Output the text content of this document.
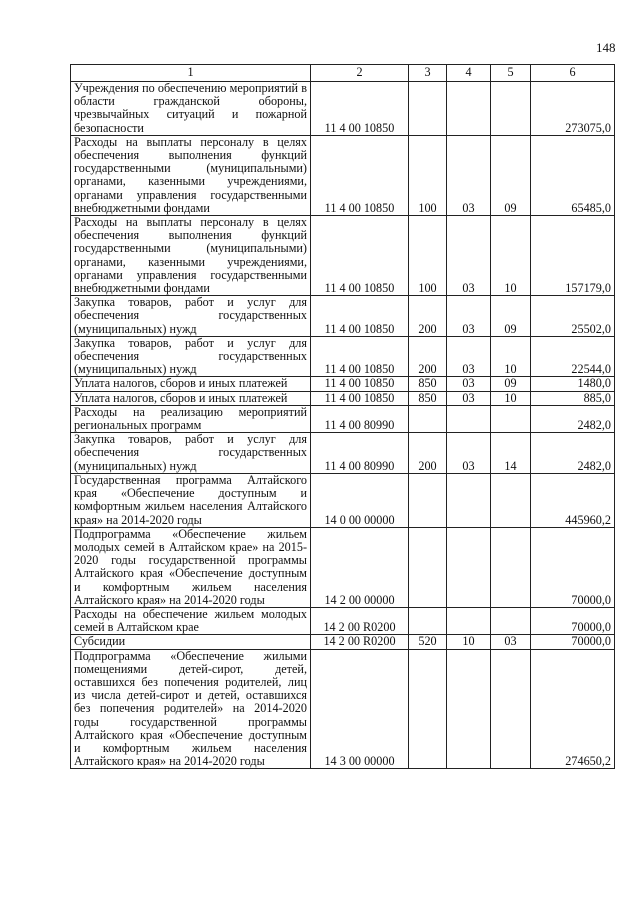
148
1	2	3	4	5	6
Учреждения по обеспечению мероприятий в области гражданской обороны, чрезвычайных ситуаций и пожарной безопасности	11 4 00 10850				273075,0
Расходы на выплаты персоналу в целях обеспечения выполнения функций государственными (муниципальными) органами, казенными учреждениями, органами управления государственными внебюджетными фондами	11 4 00 10850	100	03	09	65485,0
Расходы на выплаты персоналу в целях обеспечения выполнения функций государственными (муниципальными) органами, казенными учреждениями, органами управления государственными внебюджетными фондами	11 4 00 10850	100	03	10	157179,0
Закупка товаров, работ и услуг для обеспечения государственных (муниципальных) нужд	11 4 00 10850	200	03	09	25502,0
Закупка товаров, работ и услуг для обеспечения государственных (муниципальных) нужд	11 4 00 10850	200	03	10	22544,0
Уплата налогов, сборов и иных платежей	11 4 00 10850	850	03	09	1480,0
Уплата налогов, сборов и иных платежей	11 4 00 10850	850	03	10	885,0
Расходы на реализацию мероприятий региональных программ	11 4 00 80990				2482,0
Закупка товаров, работ и услуг для обеспечения государственных (муниципальных) нужд	11 4 00 80990	200	03	14	2482,0
Государственная программа Алтайского края «Обеспечение доступным и комфортным жильем населения Алтайского края» на 2014-2020 годы	14 0 00 00000				445960,2
Подпрограмма «Обеспечение жильем молодых семей в Алтайском крае» на 2015-2020 годы государственной программы Алтайского края «Обеспечение доступным и комфортным жильем населения Алтайского края» на 2014-2020 годы	14 2 00 00000				70000,0
Расходы на обеспечение жильем молодых семей в Алтайском крае	14 2 00 R0200				70000,0
Субсидии	14 2 00 R0200	520	10	03	70000,0
Подпрограмма «Обеспечение жилыми помещениями детей-сирот, детей, оставшихся без попечения родителей, лиц из числа детей-сирот и детей, оставшихся без попечения родителей» на 2014-2020 годы государственной программы Алтайского края «Обеспечение доступным и комфортным жильем населения Алтайского края» на 2014-2020 годы	14 3 00 00000				274650,2
